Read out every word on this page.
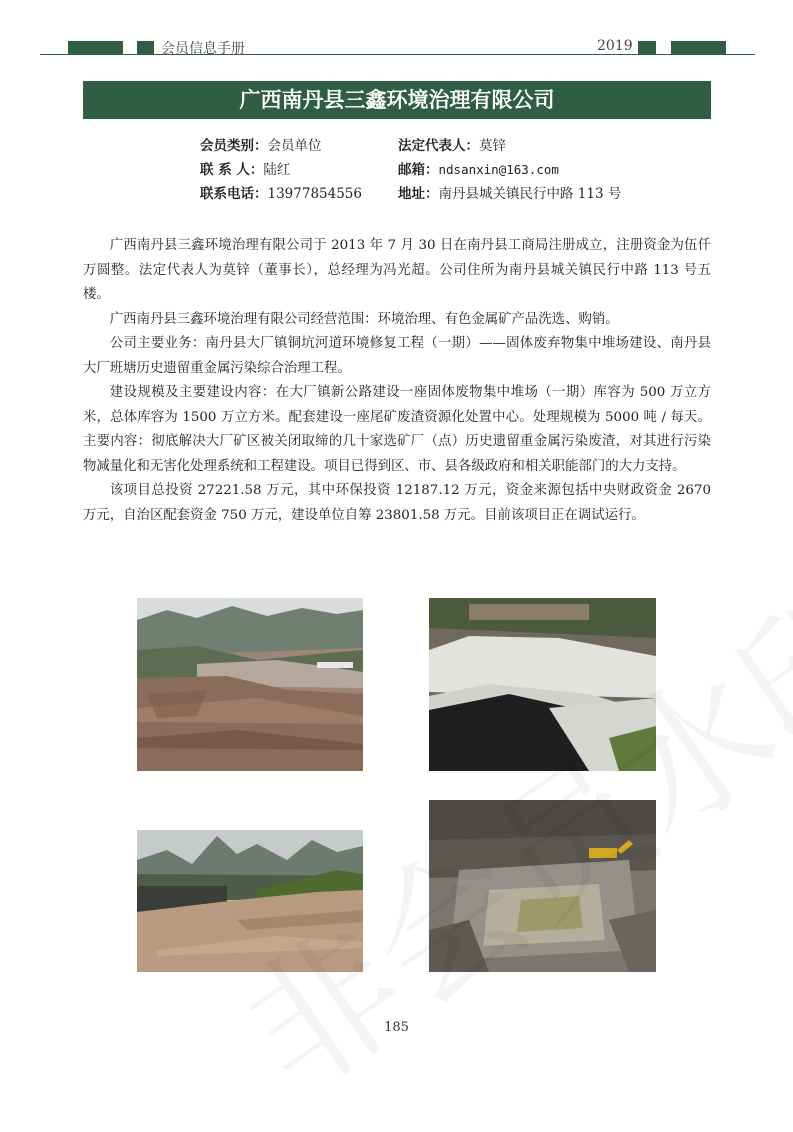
会员信息手册	2019
广西南丹县三鑫环境治理有限公司
会员类别：会员单位	法定代表人：莫锌
联 系 人：陆红	邮箱：ndsanxin@163.com
联系电话：13977854556	地址：南丹县城关镇民行中路 113 号

广西南丹县三鑫环境治理有限公司于 2013 年 7 月 30 日在南丹县工商局注册成立，注册资金为伍仟万圆整。法定代表人为莫锌（董事长），总经理为冯光超。公司住所为南丹县城关镇民行中路 113 号五楼。

广西南丹县三鑫环境治理有限公司经营范围：环境治理、有色金属矿产品洗选、购销。

公司主要业务：南丹县大厂镇铜坑河道环境修复工程（一期）——固体废弃物集中堆场建设、南丹县大厂班塘历史遗留重金属污染综合治理工程。

建设规模及主要建设内容：在大厂镇新公路建设一座固体废物集中堆场（一期）库容为 500 万立方米，总体库容为 1500 万立方米。配套建设一座尾矿废渣资源化处置中心。处理规模为 5000 吨 / 每天。主要内容：彻底解决大厂矿区被关闭取缔的几十家选矿厂（点）历史遗留重金属污染废渣，对其进行污染物减量化和无害化处理系统和工程建设。项目已得到区、市、县各级政府和相关职能部门的大力支持。

该项目总投资 27221.58 万元，其中环保投资 12187.12 万元，资金来源包括中央财政资金 2670 万元，自治区配套资金 750 万元，建设单位自筹 23801.58 万元。目前该项目正在调试运行。

185
